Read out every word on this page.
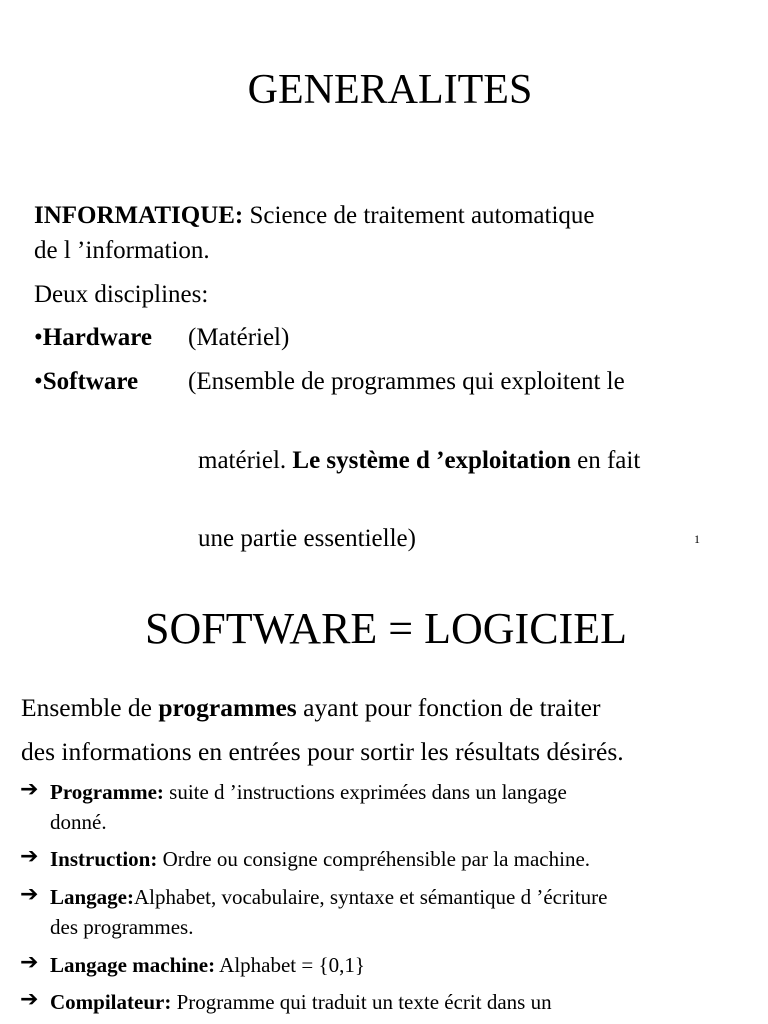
GENERALITES
INFORMATIQUE: Science de traitement automatique
de l ’information.
Deux disciplines:
•Hardware (Matériel)
•Software (Ensemble de programmes qui exploitent le
matériel. Le système d ’exploitation en fait
une partie essentielle)	1
SOFTWARE = LOGICIEL
Ensemble de programmes ayant pour fonction de traiter
des informations en entrées pour sortir les résultats désirés.
➔ Programme: suite d ’instructions exprimées dans un langage
donné.
➔ Instruction: Ordre ou consigne compréhensible par la machine.
➔ Langage:Alphabet, vocabulaire, syntaxe et sémantique d ’écriture
des programmes.
➔ Langage machine: Alphabet = {0,1}
➔ Compilateur: Programme qui traduit un texte écrit dans un
